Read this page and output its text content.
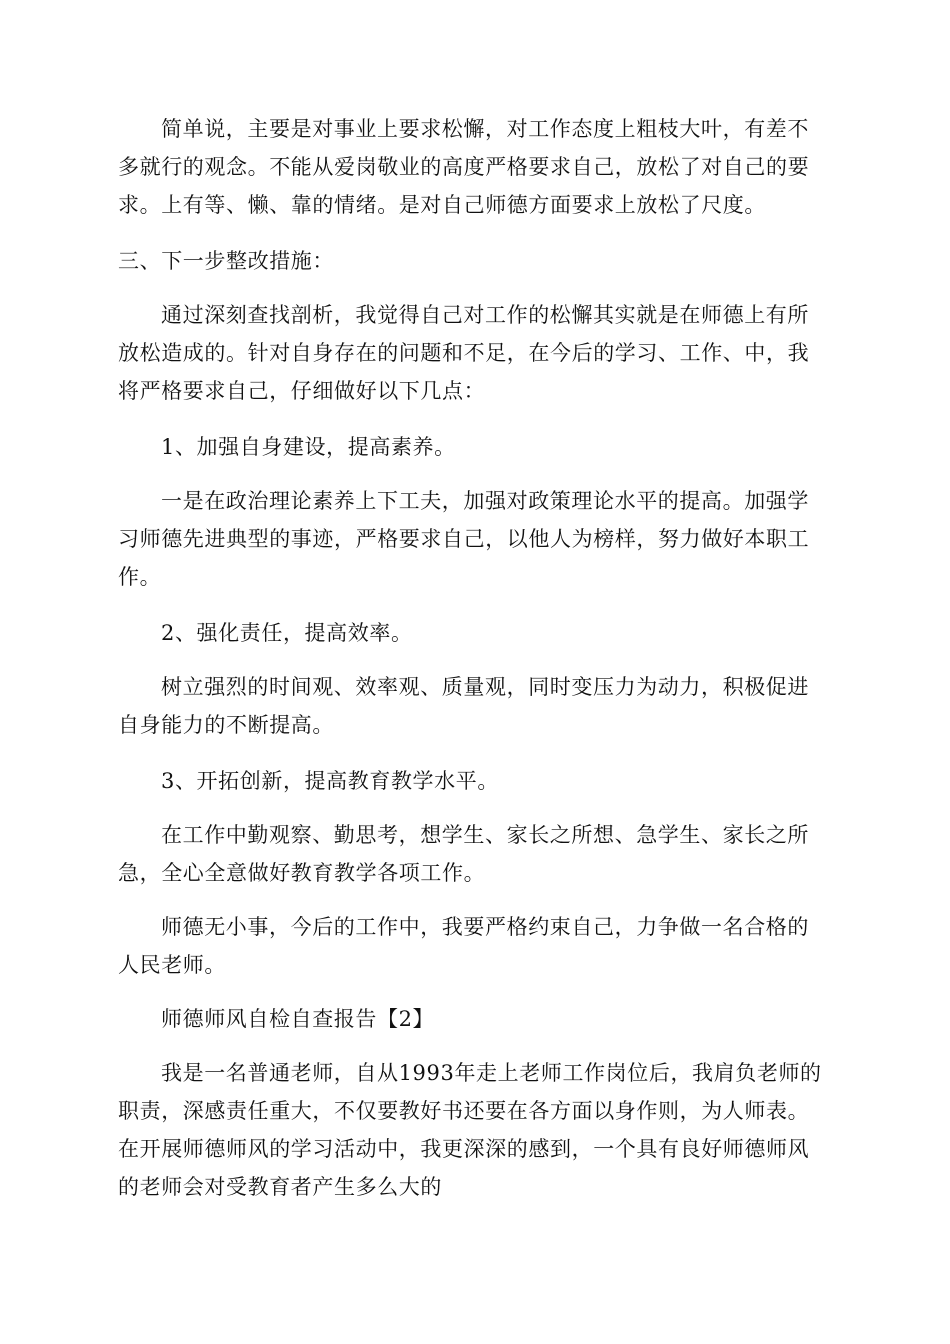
简单说，主要是对事业上要求松懈，对工作态度上粗枝大叶，有差不多就行的观念。不能从爱岗敬业的高度严格要求自己，放松了对自己的要求。上有等、懒、靠的情绪。是对自己师德方面要求上放松了尺度。

三、下一步整改措施：

通过深刻查找剖析，我觉得自己对工作的松懈其实就是在师德上有所放松造成的。针对自身存在的问题和不足，在今后的学习、工作、中，我将严格要求自己，仔细做好以下几点：

1、加强自身建设，提高素养。

一是在政治理论素养上下工夫，加强对政策理论水平的提高。加强学习师德先进典型的事迹，严格要求自己，以他人为榜样，努力做好本职工作。

2、强化责任，提高效率。

树立强烈的时间观、效率观、质量观，同时变压力为动力，积极促进自身能力的不断提高。

3、开拓创新，提高教育教学水平。

在工作中勤观察、勤思考，想学生、家长之所想、急学生、家长之所急，全心全意做好教育教学各项工作。

师德无小事，今后的工作中，我要严格约束自己，力争做一名合格的人民老师。

师德师风自检自查报告【2】

我是一名普通老师，自从1993年走上老师工作岗位后，我肩负老师的职责，深感责任重大，不仅要教好书还要在各方面以身作则，为人师表。在开展师德师风的学习活动中，我更深深的感到，一个具有良好师德师风的老师会对受教育者产生多么大的
